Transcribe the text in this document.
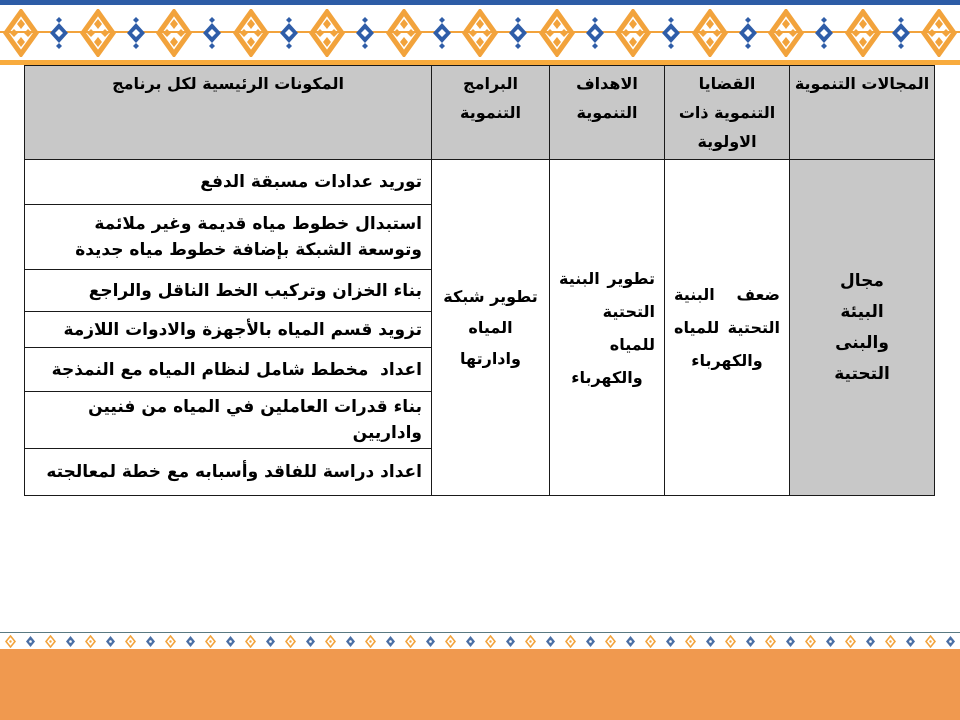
المجالات التنموية	القضايا التنموية ذات الاولوية	الاهداف التنموية	البرامج التنموية	المكونات الرئيسية لكل برنامج

مجال البيئة والبنى التحتية	ضعف البنية التحتية للمياه والكهرباء	تطوير البنية التحتية للمياه والكهرباء	تطوير شبكة المياه وادارتها	توريد عدادات مسبقة الدفع
				استبدال خطوط مياه قديمة وغير ملائمة وتوسعة الشبكة بإضافة خطوط مياه جديدة
				بناء الخزان وتركيب الخط الناقل والراجع
				تزويد قسم المياه بالأجهزة والادوات اللازمة
				اعداد  مخطط شامل لنظام المياه مع النمذجة
				بناء قدرات العاملين في المياه من فنيين واداريين
				اعداد دراسة للفاقد وأسبابه مع خطة لمعالجته
